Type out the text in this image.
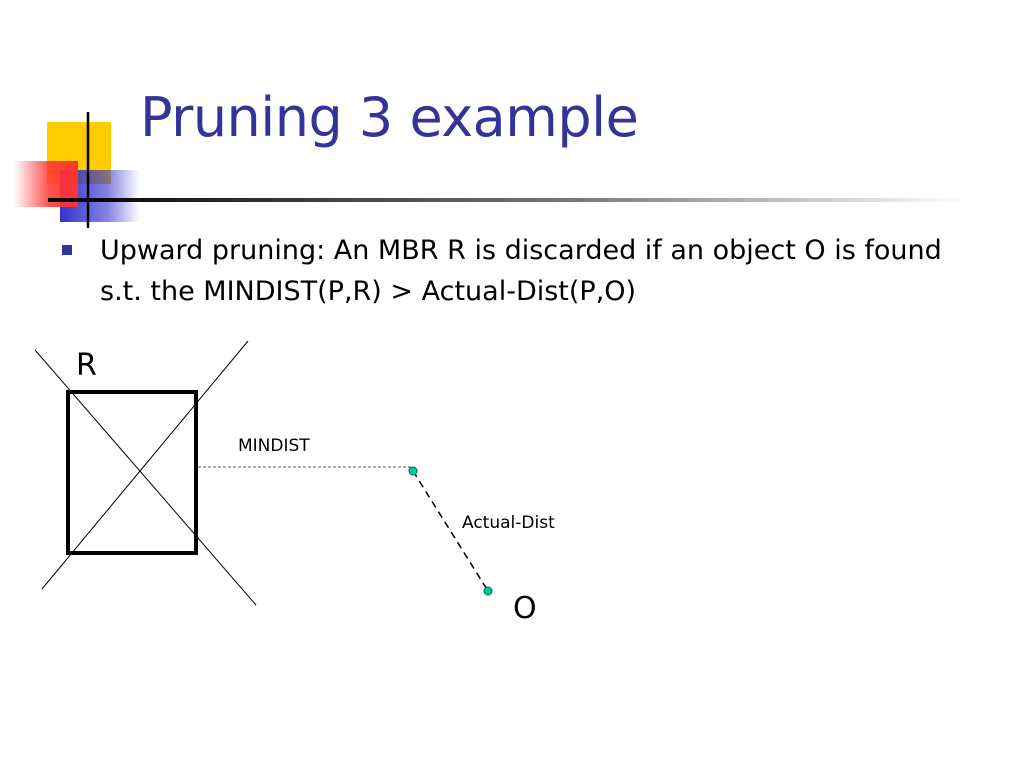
Pruning 3 example
Upward pruning: An MBR R is discarded if an object O is found s.t. the MINDIST(P,R) > Actual-Dist(P,O)
R
MINDIST
Actual-Dist
O
